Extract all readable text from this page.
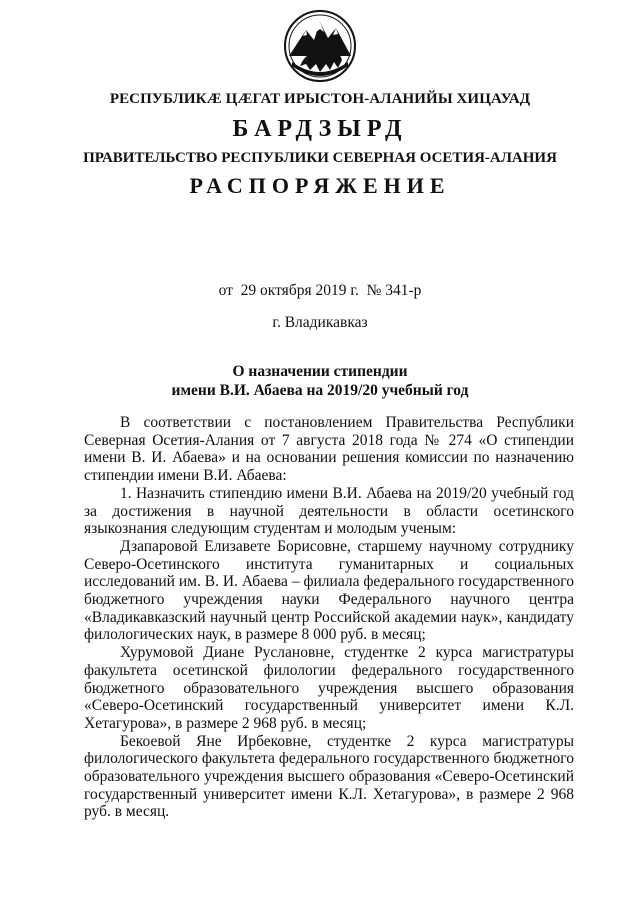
РЕСПУБЛИКӔ ЦӔГАТ ИРЫСТОН-АЛАНИЙЫ ХИЦАУАД
БАРДЗЫРД
ПРАВИТЕЛЬСТВО РЕСПУБЛИКИ СЕВЕРНАЯ ОСЕТИЯ-АЛАНИЯ
РАСПОРЯЖЕНИЕ
от  29 октября 2019 г.  № 341-р
г. Владикавказ
О назначении стипендии
имени В.И. Абаева на 2019/20 учебный год

В соответствии с постановлением Правительства Республики Северная Осетия-Алания от 7 августа 2018 года № 274 «О стипендии имени В. И. Абаева» и на основании решения комиссии по назначению стипендии имени В.И. Абаева:

1. Назначить стипендию имени В.И. Абаева на 2019/20 учебный год за достижения в научной деятельности в области осетинского языкознания следующим студентам и молодым ученым:

Дзапаровой Елизавете Борисовне, старшему научному сотруднику Северо-Осетинского института гуманитарных и социальных исследований им. В. И. Абаева – филиала федерального государственного бюджетного учреждения науки Федерального научного центра «Владикавказский научный центр Российской академии наук», кандидату филологических наук, в размере 8 000 руб. в месяц;

Хурумовой Диане Руслановне, студентке 2 курса магистратуры факультета осетинской филологии федерального государственного бюджетного образовательного учреждения высшего образования «Северо-Осетинский государственный университет имени К.Л. Хетагурова», в размере 2 968 руб. в месяц;

Бекоевой Яне Ирбековне, студентке 2 курса магистратуры филологического факультета федерального государственного бюджетного образовательного учреждения высшего образования «Северо-Осетинский государственный университет имени К.Л. Хетагурова», в размере 2 968 руб. в месяц.
